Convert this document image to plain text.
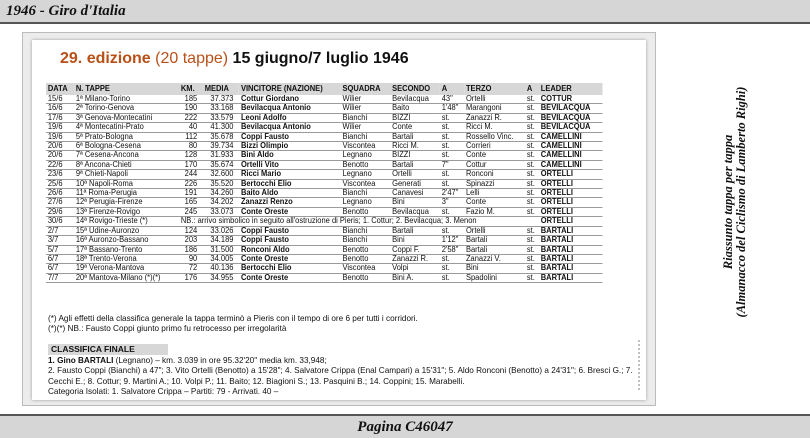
1946 - Giro d'Italia
29. edizione (20 tappe) 15 giugno/7 luglio 1946
DATA	N. TAPPE	KM.	MEDIA	VINCITORE (NAZIONE)	SQUADRA	SECONDO	A	TERZO	A	LEADER
15/6	1ª Milano-Torino	185	37.373	Cottur Giordano	Wilier	Bevilacqua	43"	Ortelli	st.	COTTUR
16/6	2ª Torino-Genova	190	33.168	Bevilacqua Antonio	Wilier	Baito	1'48"	Marangoni	st.	BEVILACQUA
17/6	3ª Genova-Montecatini	222	33.579	Leoni Adolfo	Bianchi	BIZZI	st.	Zanazzi R.	st.	BEVILACQUA
19/6	4ª Montecatini-Prato	40	41.300	Bevilacqua Antonio	Wilier	Conte	st.	Ricci M.	st.	BEVILACQUA
19/6	5ª Prato-Bologna	112	35.678	Coppi Fausto	Bianchi	Bartali	st.	Rossello Vinc.	st.	CAMELLINI
20/6	6ª Bologna-Cesena	80	39.734	Bizzi Olimpio	Viscontea	Ricci M.	st.	Corrieri	st.	CAMELLINI
20/6	7ª Cesena-Ancona	128	31.933	Bini Aldo	Legnano	BIZZI	st.	Conte	st.	CAMELLINI
22/6	8ª Ancona-Chieti	170	35.674	Ortelli Vito	Benotto	Bartali	7"	Cottur	st.	CAMELLINI
23/6	9ª Chieti-Napoli	244	32.600	Ricci Mario	Legnano	Ortelli	st.	Ronconi	st.	ORTELLI
25/6	10ª Napoli-Roma	226	35.520	Bertocchi Elio	Viscontea	Generati	st.	Spinazzi	st.	ORTELLI
26/6	11ª Roma-Perugia	191	34.260	Baito Aldo	Bianchi	Canavesi	2'47"	Lelli	st.	ORTELLI
27/6	12ª Perugia-Firenze	165	34.202	Zanazzi Renzo	Legnano	Bini	3"	Conte	st.	ORTELLI
29/6	13ª Firenze-Rovigo	245	33.073	Conte Oreste	Benotto	Bevilacqua	st.	Fazio M.	st.	ORTELLI
30/6	14ª Rovigo-Trieste (*)	NB.: arrivo simbolico in seguito all'ostruzione di Pieris; 1. Cottur; 2. Bevilacqua; 3. Menon								ORTELLI
2/7	15ª Udine-Auronzo	124	33.026	Coppi Fausto	Bianchi	Bartali	st.	Ortelli	st.	BARTALI
3/7	16ª Auronzo-Bassano	203	34.189	Coppi Fausto	Bianchi	Bini	1'12"	Bartali	st.	BARTALI
5/7	17ª Bassano-Trento	186	31.500	Ronconi Aldo	Benotto	Coppi F.	2'58"	Bartali	st.	BARTALI
6/7	18ª Trento-Verona	90	34.005	Conte Oreste	Benotto	Zanazzi R.	st.	Zanazzi V.	st.	BARTALI
6/7	19ª Verona-Mantova	72	40.136	Bertocchi Elio	Viscontea	Volpi	st.	Bini	st.	BARTALI
7/7	20ª Mantova-Milano (*)(*)	176	34.955	Conte Oreste	Benotto	Bini A.	st.	Spadolini	st.	BARTALI
(*) Agli effetti della classifica generale la tappa terminò a Pieris con il tempo di ore 6 per tutti i corridori.
(*)(*) NB.: Fausto Coppi giunto primo fu retrocesso per irregolarità
CLASSIFICA FINALE
1. Gino BARTALI (Legnano) – km. 3.039 in ore 95.32'20" media km. 33,948;
2. Fausto Coppi (Bianchi) a 47"; 3. Vito Ortelli (Benotto) a 15'28"; 4. Salvatore Crippa (Enal Campari) a 15'31"; 5. Aldo Ronconi (Benotto) a 24'31"; 6. Bresci G.; 7. Cecchi E.; 8. Cottur; 9. Martini A.; 10. Volpi P.; 11. Baito; 12. Biagioni S.; 13. Pasquini B.; 14. Coppini; 15. Marabelli.
Categoria Isolati: 1. Salvatore Crippa – Partiti: 79 - Arrivati. 40 –
Riassunto tappa per tappa
(Almanacco del Ciclismo di Lamberto Righi)
Pagina C46047
